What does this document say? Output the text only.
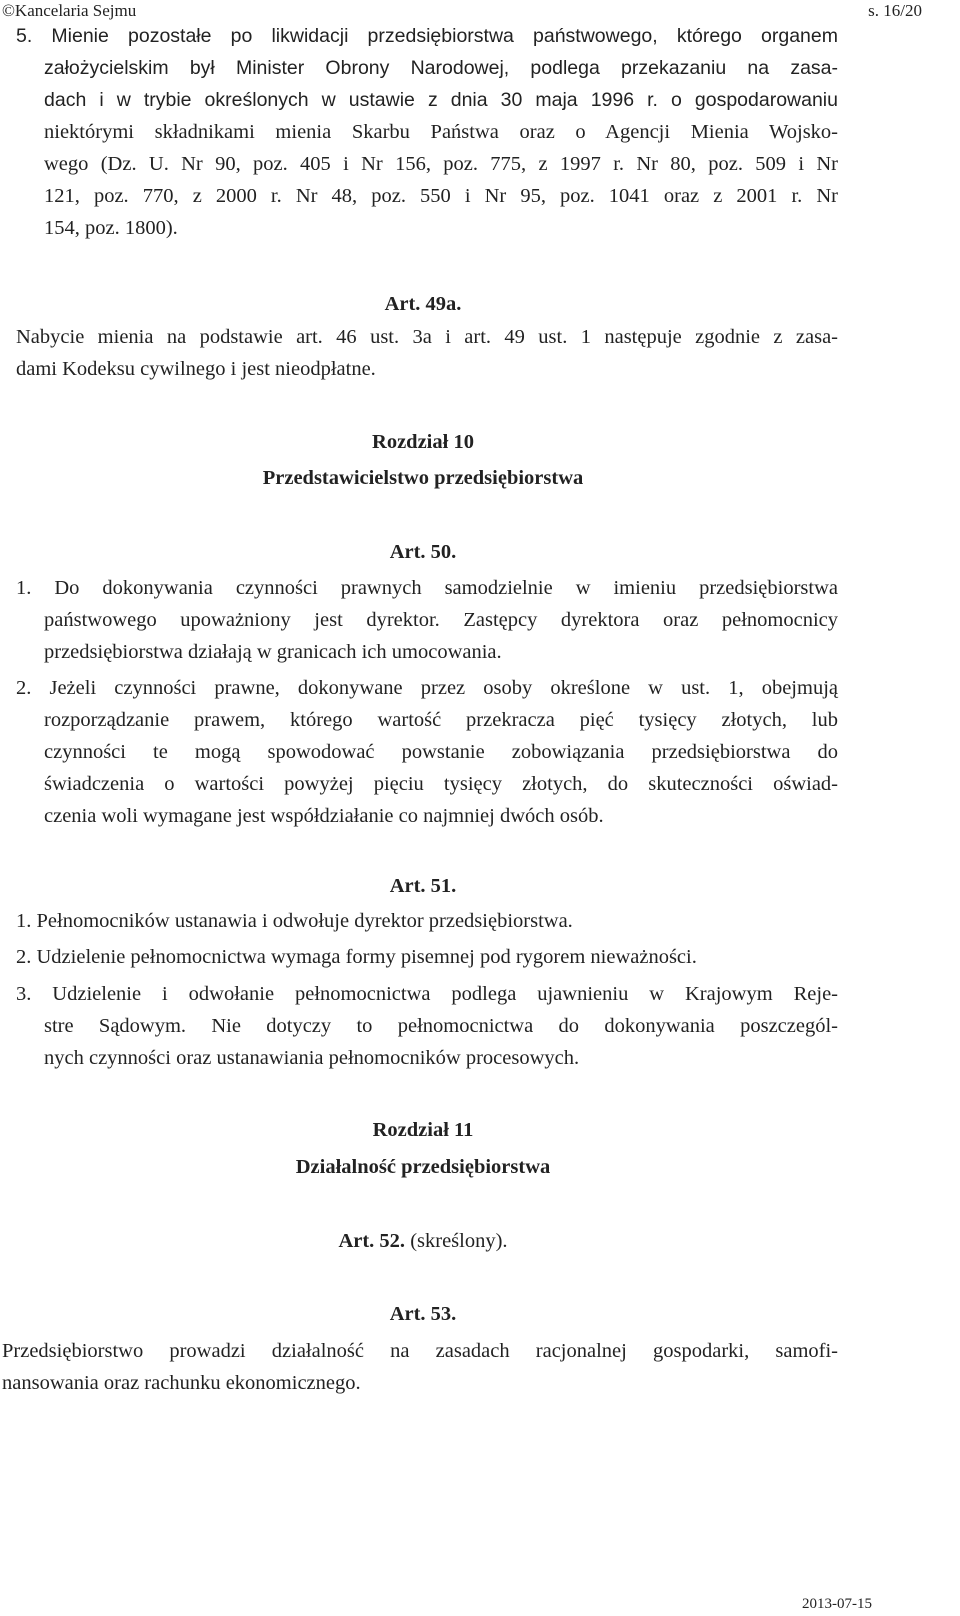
©Kancelaria Sejmu	s. 16/20
5. Mienie pozostałe po likwidacji przedsiębiorstwa państwowego, którego organem
założycielskim był Minister Obrony Narodowej, podlega przekazaniu na zasa-
dach i w trybie określonych w ustawie z dnia 30 maja 1996 r. o gospodarowaniu
niektórymi składnikami mienia Skarbu Państwa oraz o Agencji Mienia Wojsko-
wego (Dz. U. Nr 90, poz. 405 i Nr 156, poz. 775, z 1997 r. Nr 80, poz. 509 i Nr
121, poz. 770, z 2000 r. Nr 48, poz. 550 i Nr 95, poz. 1041 oraz z 2001 r. Nr
154, poz. 1800).
Art. 49a.
Nabycie mienia na podstawie art. 46 ust. 3a i art. 49 ust. 1 następuje zgodnie z zasa-
dami Kodeksu cywilnego i jest nieodpłatne.
Rozdział 10
Przedstawicielstwo przedsiębiorstwa
Art. 50.
1. Do dokonywania czynności prawnych samodzielnie w imieniu przedsiębiorstwa
państwowego upoważniony jest dyrektor. Zastępcy dyrektora oraz pełnomocnicy
przedsiębiorstwa działają w granicach ich umocowania.
2. Jeżeli czynności prawne, dokonywane przez osoby określone w ust. 1, obejmują
rozporządzanie prawem, którego wartość przekracza pięć tysięcy złotych, lub
czynności te mogą spowodować powstanie zobowiązania przedsiębiorstwa do
świadczenia o wartości powyżej pięciu tysięcy złotych, do skuteczności oświad-
czenia woli wymagane jest współdziałanie co najmniej dwóch osób.
Art. 51.
1. Pełnomocników ustanawia i odwołuje dyrektor przedsiębiorstwa.
2. Udzielenie pełnomocnictwa wymaga formy pisemnej pod rygorem nieważności.
3. Udzielenie i odwołanie pełnomocnictwa podlega ujawnieniu w Krajowym Reje-
stre Sądowym. Nie dotyczy to pełnomocnictwa do dokonywania poszczegól-
nych czynności oraz ustanawiania pełnomocników procesowych.
Rozdział 11
Działalność przedsiębiorstwa
Art. 52. (skreślony).
Art. 53.
Przedsiębiorstwo prowadzi działalność na zasadach racjonalnej gospodarki, samofi-
nansowania oraz rachunku ekonomicznego.
2013-07-15
